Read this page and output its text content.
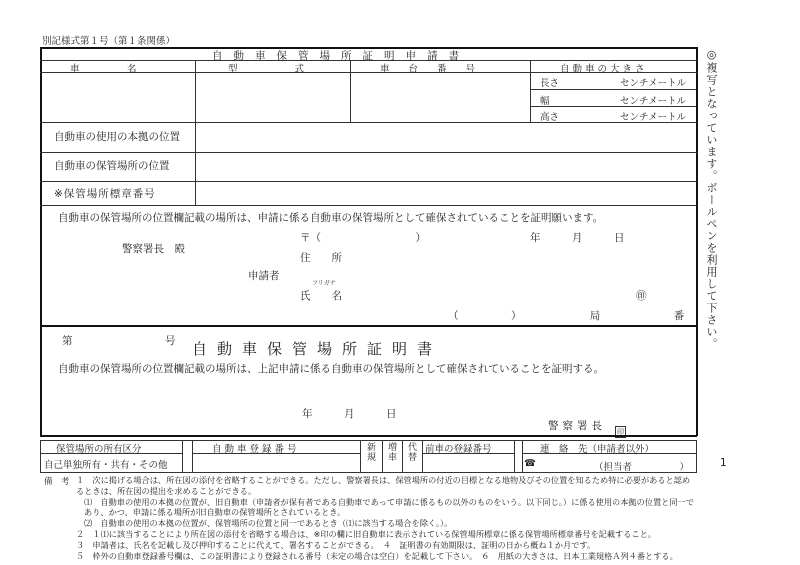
別記様式第１号（第１条関係）
自動車保管場所証明申請書
車　　　　　名	型　　　　　　式	車　　台　　番　　号	自動車の大きさ
長さ	センチメートル
幅	センチメートル
高さ	センチメートル
自動車の使用の本拠の位置
自動車の保管場所の位置
※保管場所標章番号
自動車の保管場所の位置欄記載の場所は、申請に係る自動車の保管場所として確保されていることを証明願います。
〒（　　　　　　　　　）	年　　　月　　　日
警察署長　殿
住　　所
申請者
フリガナ
氏　　名	㊞
（　　　　　）　　　　　　　局　　　　　　　番
第	号 自動車保管場所証明書
自動車の保管場所の位置欄記載の場所は、上記申請に係る自動車の保管場所として確保されていることを証明する。
年　　　月　　　日
警察署長 印
保管場所の所有区分
自己単独所有・共有・その他
自動車登録番号	新規 増車 代替 前車の登録番号	連　絡　先（申請者以外）
☎	（担当者　　　　　）
備　考 １　次に掲げる場合は、所在図の添付を省略することができる。ただし、警察署長は、保管場所の付近の目標となる地物及びその位置を知るため特に必要があると認めるときは、所在図の提出を求めることができる。
⑴　自動車の使用の本拠の位置が、旧自動車（申請者が保有者である自動車であって申請に係るもの以外のものをいう。以下同じ。）に係る使用の本拠の位置と同一であり、かつ、申請に係る場所が旧自動車の保管場所とされているとき。
⑵　自動車の使用の本拠の位置が、保管場所の位置と同一であるとき（⑴に該当する場合を除く。）。
２　１⑴に該当することにより所在図の添付を省略する場合は、※印の欄に旧自動車に表示されている保管場所標章に係る保管場所標章番号を記載すること。
３　申請者は、氏名を記載し及び押印することに代えて、署名することができる。　４　証明書の有効期限は、証明の日から概ね１か月です。
５　枠外の自動車登録番号欄は、この証明書により登録される番号（未定の場合は空白）を記載して下さい。　６　用紙の大きさは、日本工業規格Ａ列４番とする。
◎複写となっています。ボールペンを利用して下さい。
1
